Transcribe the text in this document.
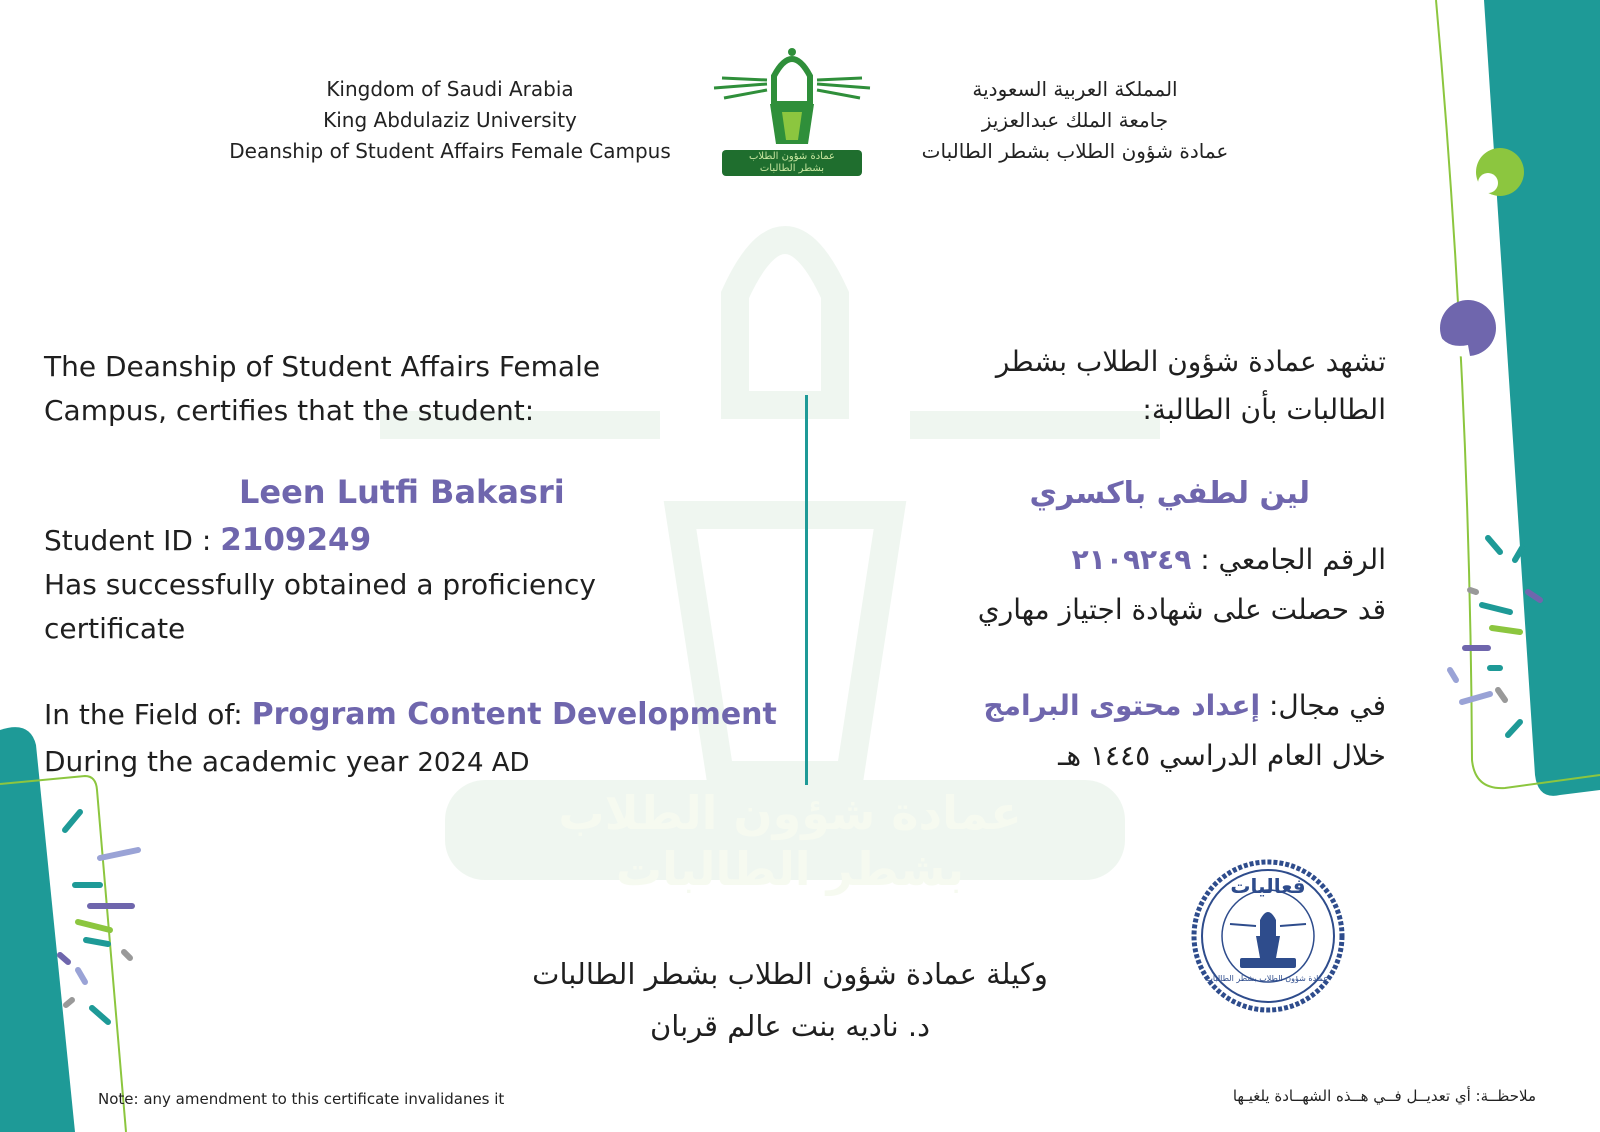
عمادة شؤون الطلاب
بشطر الطالبات
Kingdom of Saudi Arabia
King Abdulaziz University
Deanship of Student Affairs Female Campus	عمادة شؤون الطلاب
بشطر الطالبات
المملكة العربية السعودية
جامعة الملك عبدالعزيز
عمادة شؤون الطلاب بشطر الطالبات
The Deanship of Student Affairs Female
Campus, certifies that the student:
Leen Lutfi Bakasri
Student ID : 2109249
Has successfully obtained a proficiency
certificate
In the Field of: Program Content Development
During the academic year 2024 AD
تشهد عمادة شؤون الطلاب بشطر
الطالبات بأن الطالبة:
لين لطفي باكسري
الرقم الجامعي : ٢١٠٩٢٤٩
قد حصلت على شهادة اجتياز مهاري
في مجال: إعداد محتوى البرامج
خلال العام الدراسي ١٤٤٥ هـ
وكيلة عمادة شؤون الطلاب بشطر الطالبات
د. ناديه بنت عالم قربان
فعاليات
عمادة شؤون الطلاب بشطر الطالبات
Note: any amendment to this certificate invalidanes it	ملاحظــة: أي تعديــل فــي هــذه الشهــادة يلغيـها
